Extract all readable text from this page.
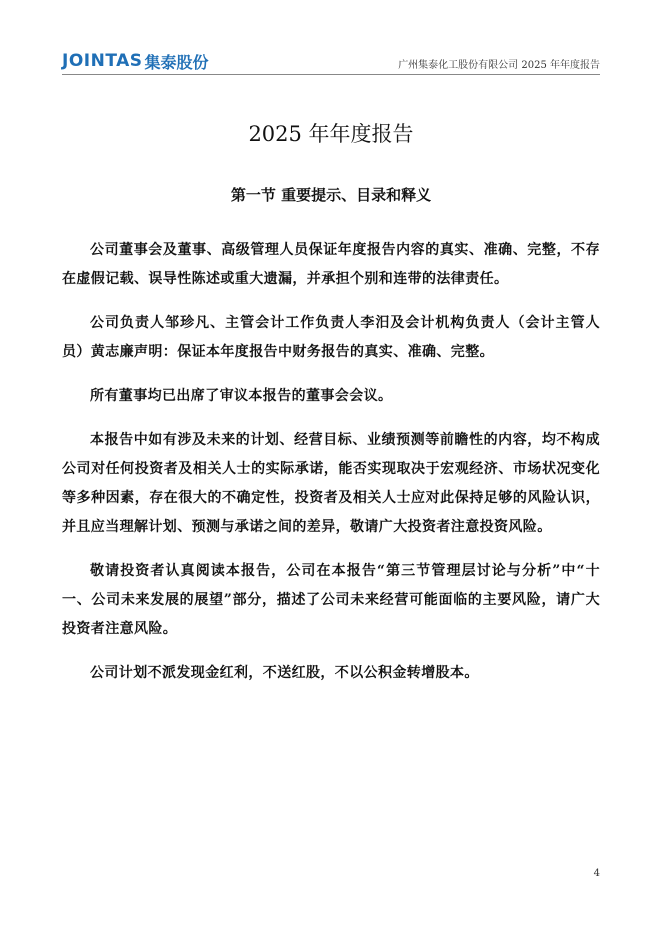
JOINTAS 集泰股份	广州集泰化工股份有限公司 2025 年年度报告
2025 年年度报告
第一节 重要提示、目录和释义

公司董事会及董事、高级管理人员保证年度报告内容的真实、准确、完整，不存在虚假记载、误导性陈述或重大遗漏，并承担个别和连带的法律责任。

公司负责人邹珍凡、主管会计工作负责人李汨及会计机构负责人（会计主管人员）黄志廉声明：保证本年度报告中财务报告的真实、准确、完整。

所有董事均已出席了审议本报告的董事会会议。

本报告中如有涉及未来的计划、经营目标、业绩预测等前瞻性的内容，均不构成公司对任何投资者及相关人士的实际承诺，能否实现取决于宏观经济、市场状况变化等多种因素，存在很大的不确定性，投资者及相关人士应对此保持足够的风险认识，并且应当理解计划、预测与承诺之间的差异，敬请广大投资者注意投资风险。

敬请投资者认真阅读本报告，公司在本报告“第三节管理层讨论与分析”中“十一、公司未来发展的展望”部分，描述了公司未来经营可能面临的主要风险，请广大投资者注意风险。

公司计划不派发现金红利，不送红股，不以公积金转增股本。

4
